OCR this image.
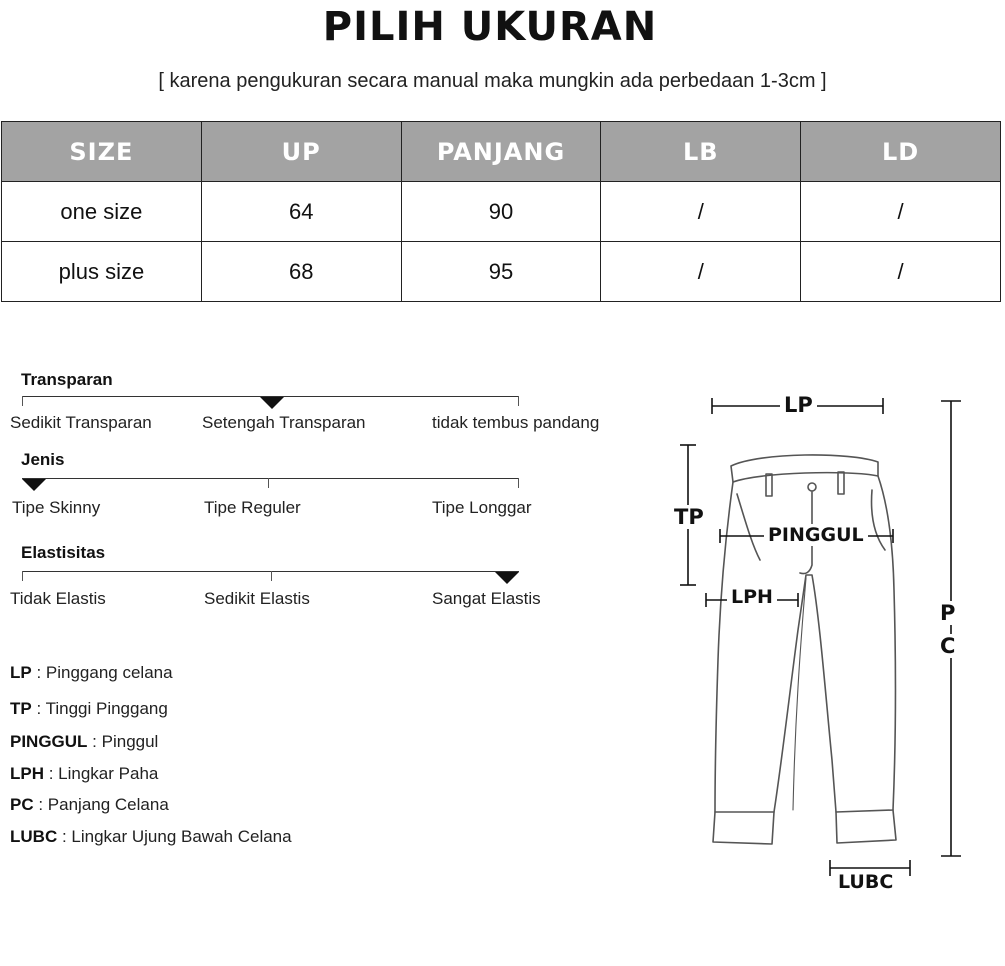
PILIH UKURAN
[ karena pengukuran secara manual maka mungkin ada perbedaan 1-3cm ]
SIZE	UP	PANJANG	LB	LD
one size	64	90	/	/
plus size	68	95	/	/
Transparan
Sedikit Transparan	Setengah Transparan	tidak tembus pandang
Jenis
Tipe Skinny	Tipe Reguler	Tipe Longgar
Elastisitas
Tidak Elastis	Sedikit Elastis	Sangat Elastis
LP : Pinggang celana
TP : Tinggi Pinggang
PINGGUL : Pinggul
LPH : Lingkar Paha
PC : Panjang Celana
LUBC : Lingkar Ujung Bawah Celana
LP
TP
PINGGUL
LPH
P
C
LUBC
